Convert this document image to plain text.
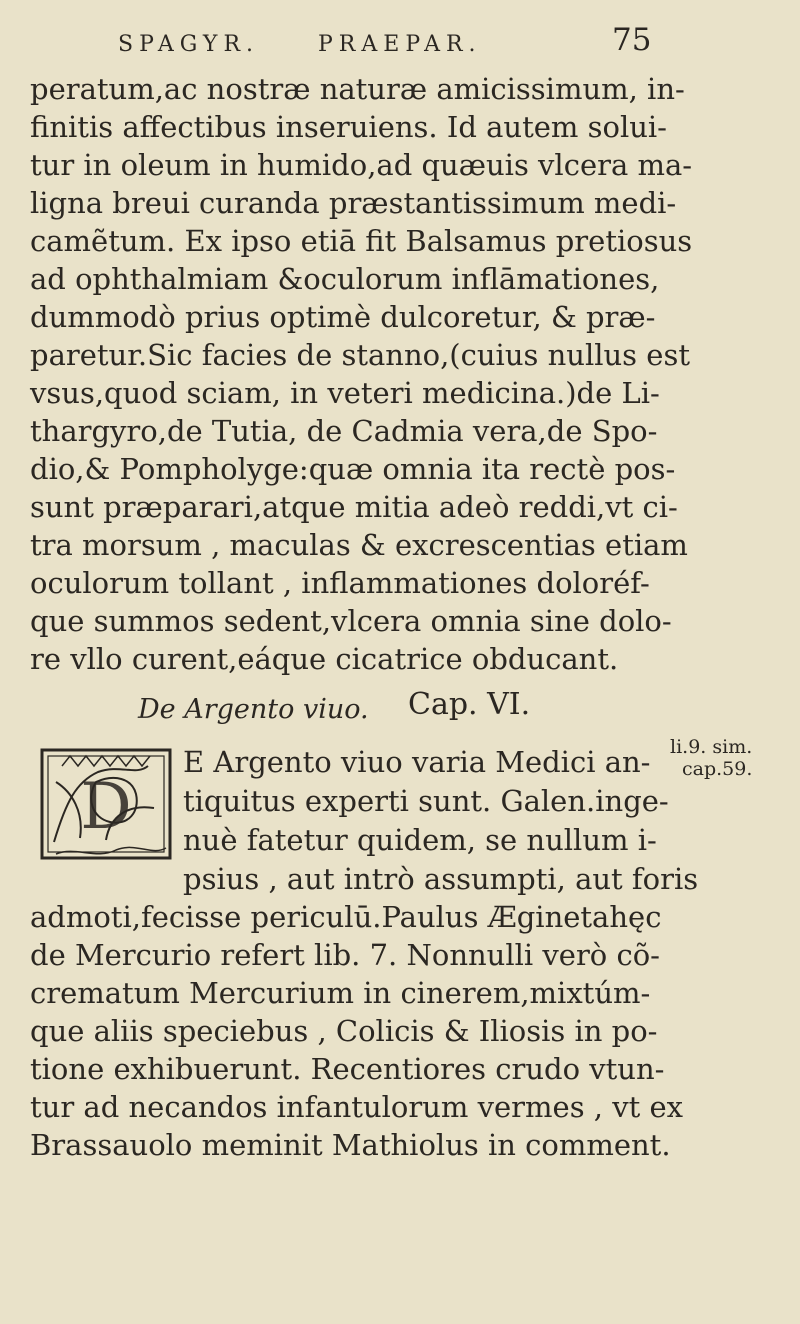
SPAGYR.	PRAEPAR.	75
peratum,ac nostræ naturæ amicissimum, in-
finitis affectibus inseruiens. Id autem solui-
tur in oleum in humido,ad quæuis vlcera ma-
ligna breui curanda præstantissimum medi-
camẽtum. Ex ipso etiā fit Balsamus pretiosus
ad ophthalmiam &oculorum inflāmationes,
dummodò prius optimè dulcoretur, & præ-
paretur.Sic facies de stanno,(cuius nullus est
vsus,quod sciam, in veteri medicina.)de Li-
thargyro,de Tutia, de Cadmia vera,de Spo-
dio,& Pompholyge:quæ omnia ita rectè pos-
sunt præparari,atque mitia adeò reddi,vt ci-
tra morsum , maculas & excrescentias etiam
oculorum tollant , inflammationes doloréf-
que summos sedent,vlcera omnia sine dolo-
re vllo curent,eáque cicatrice obducant.
De Argento viuo. Cap. VI.
D
E Argento viuo varia Medici an-
tiquitus experti sunt. Galen.inge-
nuè fatetur quidem, se nullum i-
psius , aut intrò assumpti, aut foris
admoti,fecisse periculū.Paulus Æginetahęc
de Mercurio refert lib. 7. Nonnulli verò cõ-
crematum Mercurium in cinerem,mixtúm-
que aliis speciebus , Colicis & Iliosis in po-
tione exhibuerunt. Recentiores crudo vtun-
tur ad necandos infantulorum vermes , vt ex
Brassauolo meminit Mathiolus in comment.
li.9. sim.
cap.59.
